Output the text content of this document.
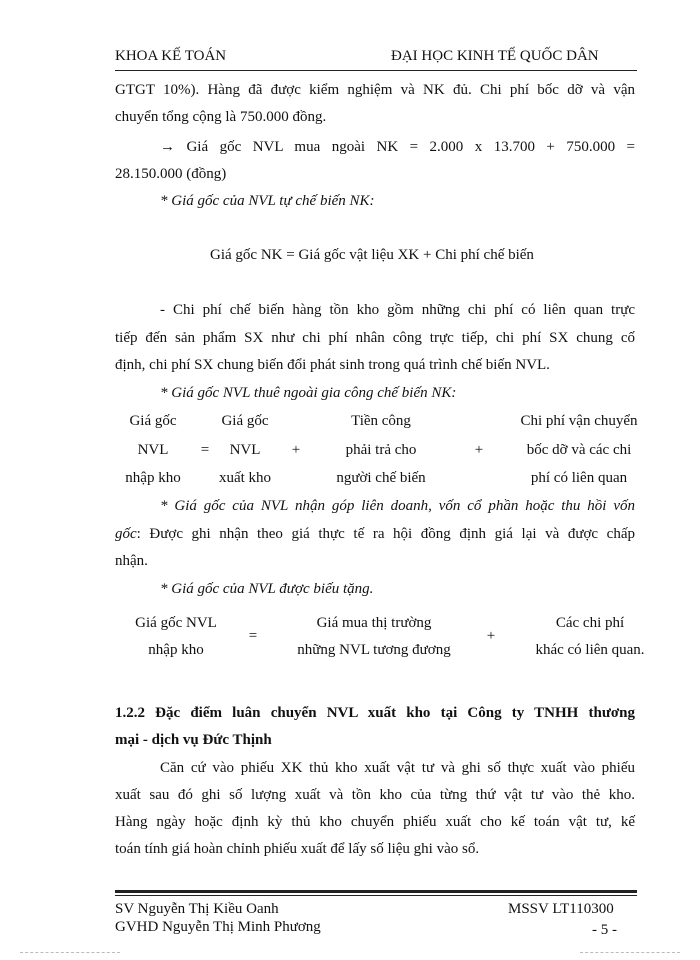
KHOA KẾ TOÁN	ĐẠI HỌC KINH TẾ QUỐC DÂN
GTGT 10%). Hàng đã được kiểm nghiệm và NK đủ. Chi phí bốc dỡ và vận
chuyển tổng cộng là 750.000 đồng.
→ Giá gốc NVL mua ngoài NK = 2.000 x 13.700 + 750.000 =
28.150.000 (đồng)
* Giá gốc của NVL tự chế biến NK:
Giá gốc NK = Giá gốc vật liệu XK + Chi phí chế biến
- Chi phí chế biến hàng tồn kho gồm những chi phí có liên quan trực
tiếp đến sản phẩm SX như chi phí nhân công trực tiếp, chi phí SX chung cố
định, chi phí SX chung biến đổi phát sinh trong quá trình chế biến NVL.
* Giá gốc NVL thuê ngoài gia công chế biến NK:
Giá gốc
NVL
nhập kho
=
Giá gốc
NVL
xuất kho
+
Tiền công
phải trả cho
người chế biến
+
Chi phí vận chuyển
bốc dỡ và các chi
phí có liên quan
* Giá gốc của NVL nhận góp liên doanh, vốn cổ phần hoặc thu hồi vốn
gốc: Được ghi nhận theo giá thực tế ra hội đồng định giá lại và được chấp
nhận.
* Giá gốc của NVL được biếu tặng.
Giá gốc NVL
nhập kho
=
Giá mua thị trường
những NVL tương đương
+
Các chi phí
khác có liên quan.
1.2.2 Đặc điểm luân chuyển NVL xuất kho tại Công ty TNHH thương
mại - dịch vụ Đức Thịnh
Căn cứ vào phiếu XK thủ kho xuất vật tư và ghi số thực xuất vào phiếu
xuất sau đó ghi số lượng xuất và tồn kho của từng thứ vật tư vào thẻ kho.
Hàng ngày hoặc định kỳ thủ kho chuyển phiếu xuất cho kế toán vật tư, kế
toán tính giá hoàn chỉnh phiếu xuất để lấy số liệu ghi vào sổ.
SV Nguyễn Thị Kiều Oanh
GVHD Nguyễn Thị Minh Phương
MSSV LT110300
- 5 -
